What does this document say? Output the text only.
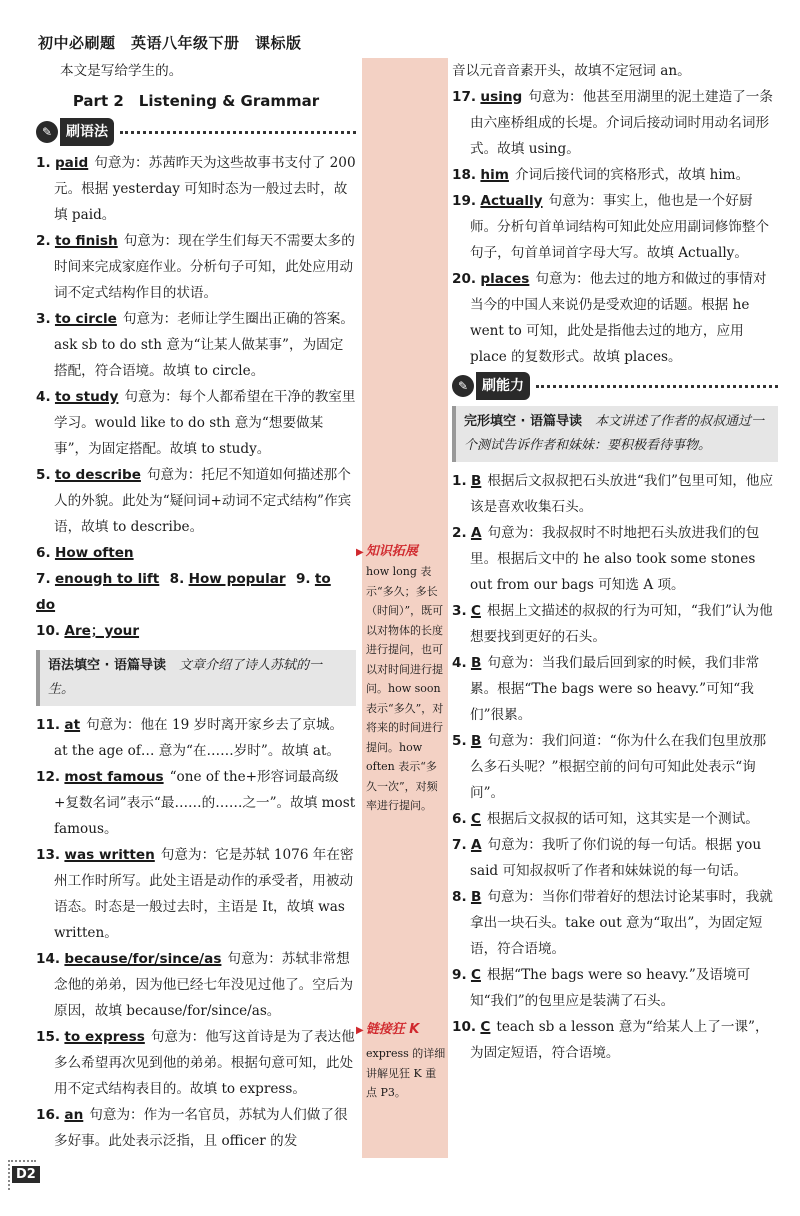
初中必刷题　英语八年级下册　课标版
▶ 知识拓展
how long 表示“多久；多长（时间）”，既可以对物体的长度进行提问，也可以对时间进行提问。how soon 表示“多久”，对将来的时间进行提问。how often 表示“多久一次”，对频率进行提问。
▶ 链接狂 K
express 的详细讲解见狂 K 重点 P3。

本文是写给学生的。

Part 2　Listening & Grammar
✎ 刷语法

1. paid 句意为：苏茜昨天为这些故事书支付了 200 元。根据 yesterday 可知时态为一般过去时，故填 paid。

2. to finish 句意为：现在学生们每天不需要太多的时间来完成家庭作业。分析句子可知，此处应用动词不定式结构作目的状语。

3. to circle 句意为：老师让学生圈出正确的答案。ask sb to do sth 意为“让某人做某事”，为固定搭配，符合语境。故填 to circle。

4. to study 句意为：每个人都希望在干净的教室里学习。would like to do sth 意为“想要做某事”，为固定搭配。故填 to study。

5. to describe 句意为：托尼不知道如何描述那个人的外貌。此处为“疑问词+动词不定式结构”作宾语，故填 to describe。

6. How often

7. enough to lift 8. How popular 9. to do

10. Are；your

语法填空 · 语篇导读　 文章介绍了诗人苏轼的一生。

11. at 句意为：他在 19 岁时离开家乡去了京城。at the age of… 意为“在……岁时”。故填 at。

12. most famous “one of the+形容词最高级+复数名词”表示“最……的……之一”。故填 most famous。

13. was written 句意为：它是苏轼 1076 年在密州工作时所写。此处主语是动作的承受者，用被动语态。时态是一般过去时，主语是 It，故填 was written。

14. because/for/since/as 句意为：苏轼非常想念他的弟弟，因为他已经七年没见过他了。空后为原因，故填 because/for/since/as。

15. to express 句意为：他写这首诗是为了表达他多么希望再次见到他的弟弟。根据句意可知，此处用不定式结构表目的。故填 to express。

16. an 句意为：作为一名官员，苏轼为人们做了很多好事。此处表示泛指，且 officer 的发

音以元音音素开头，故填不定冠词 an。

17. using 句意为：他甚至用湖里的泥土建造了一条由六座桥组成的长堤。介词后接动词时用动名词形式。故填 using。

18. him 介词后接代词的宾格形式，故填 him。

19. Actually 句意为：事实上，他也是一个好厨师。分析句首单词结构可知此处应用副词修饰整个句子，句首单词首字母大写。故填 Actually。

20. places 句意为：他去过的地方和做过的事情对当今的中国人来说仍是受欢迎的话题。根据 he went to 可知，此处是指他去过的地方，应用 place 的复数形式。故填 places。

✎ 刷能力
完形填空 · 语篇导读　 本文讲述了作者的叔叔通过一个测试告诉作者和妹妹：要积极看待事物。

1. B 根据后文叔叔把石头放进“我们”包里可知，他应该是喜欢收集石头。

2. A 句意为：我叔叔时不时地把石头放进我们的包里。根据后文中的 he also took some stones out from our bags 可知选 A 项。

3. C 根据上文描述的叔叔的行为可知，“我们”认为他想要找到更好的石头。

4. B 句意为：当我们最后回到家的时候，我们非常累。根据“The bags were so heavy.”可知“我们”很累。

5. B 句意为：我们问道：“你为什么在我们包里放那么多石头呢？”根据空前的问句可知此处表示“询问”。

6. C 根据后文叔叔的话可知，这其实是一个测试。

7. A 句意为：我听了你们说的每一句话。根据 you said 可知叔叔听了作者和妹妹说的每一句话。

8. B 句意为：当你们带着好的想法讨论某事时，我就拿出一块石头。take out 意为“取出”，为固定短语，符合语境。

9. C 根据“The bags were so heavy.”及语境可知“我们”的包里应是装满了石头。

10. C teach sb a lesson 意为“给某人上了一课”，为固定短语，符合语境。

D2
